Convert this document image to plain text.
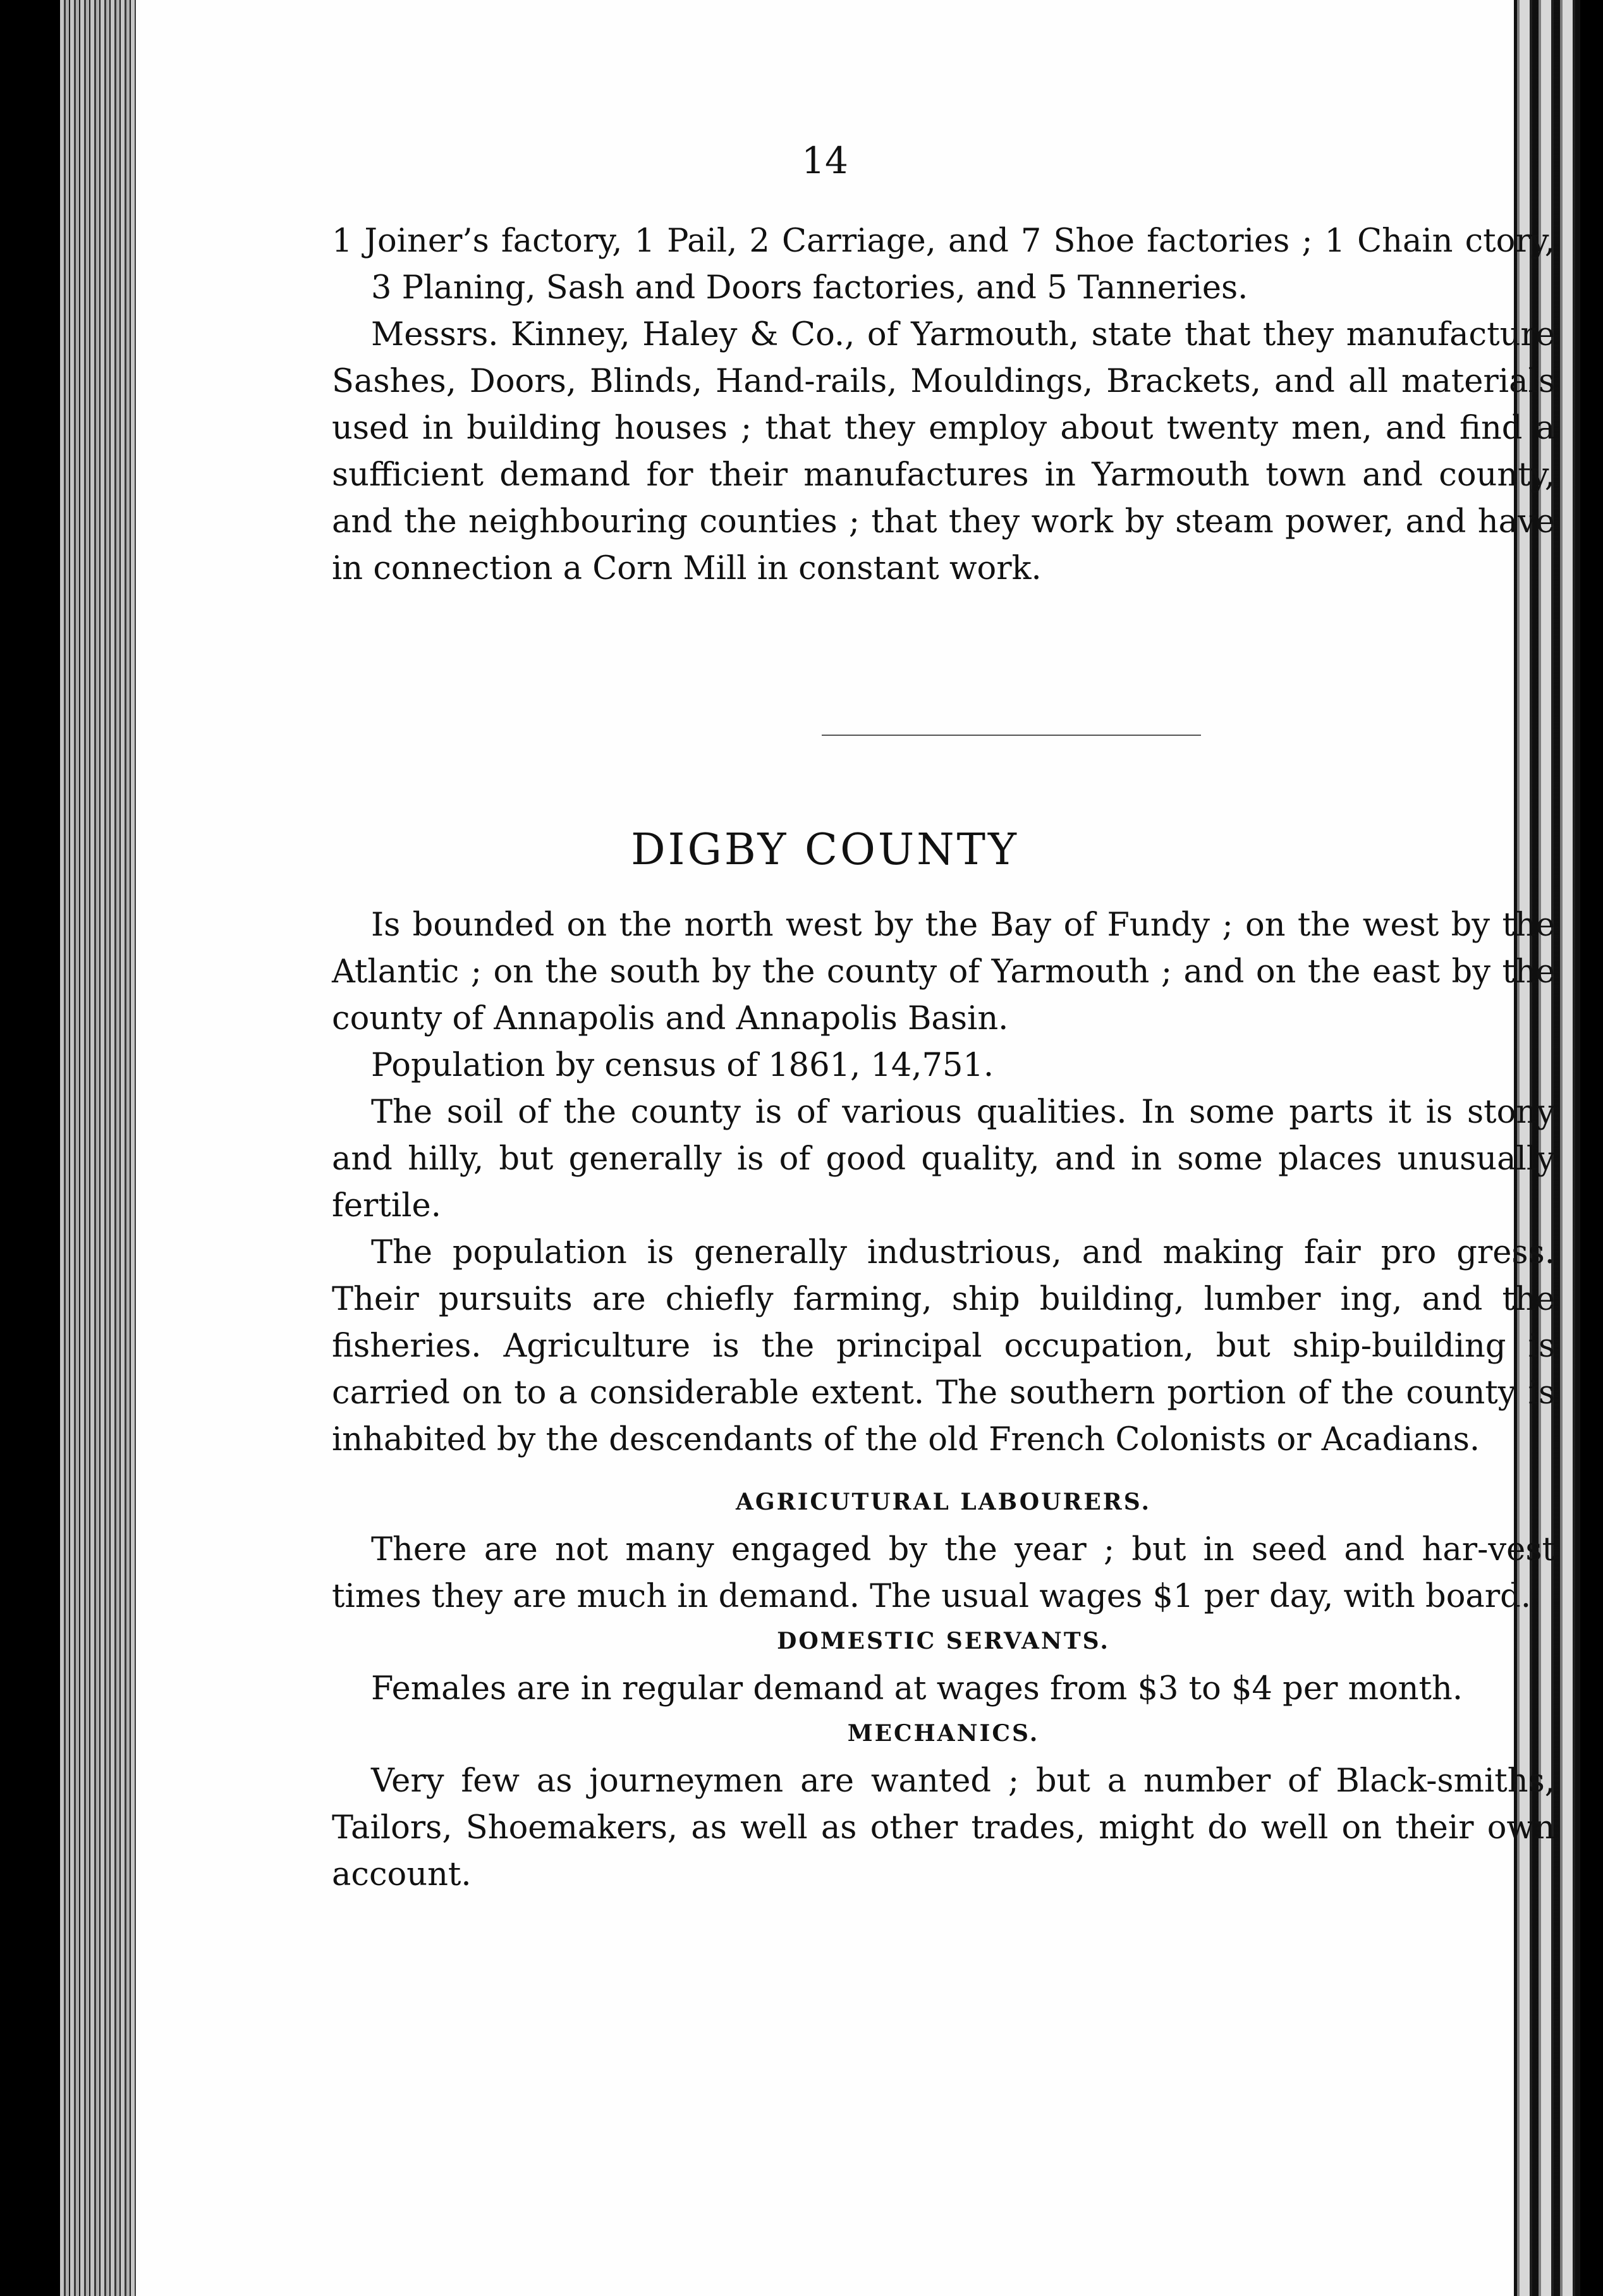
14

1 Joiner’s factory, 1 Pail, 2 Carriage, and 7 Shoe factories ; 1 Chain ctory, 3 Planing, Sash and Doors factories, and 5 Tanneries.

Messrs. Kinney, Haley & Co., of Yarmouth, state that they manufacture Sashes, Doors, Blinds, Hand-rails, Mouldings, Brackets, and all materials used in building houses ; that they employ about twenty men, and find a sufficient demand for their manufactures in Yarmouth town and county, and the neighbouring counties ; that they work by steam power, and have in connection a Corn Mill in constant work.

DIGBY COUNTY

Is bounded on the north west by the Bay of Fundy ; on the west by the Atlantic ; on the south by the county of Yarmouth ; and on the east by the county of Annapolis and Annapolis Basin.

Population by census of 1861, 14,751.

The soil of the county is of various qualities. In some parts it is stony and hilly, but generally is of good quality, and in some places unusually fertile.

The population is generally industrious, and making fair pro gress. Their pursuits are chiefly farming, ship building, lumber ing, and the fisheries. Agriculture is the principal occupation, but ship-building is carried on to a considerable extent. The southern portion of the county is inhabited by the descendants of the old French Colonists or Acadians.

AGRICUTURAL LABOURERS.

There are not many engaged by the year ; but in seed and har-vest times they are much in demand. The usual wages $1 per day, with board.

DOMESTIC SERVANTS.

Females are in regular demand at wages from $3 to $4 per month.

MECHANICS.

Very few as journeymen are wanted ; but a number of Black-smiths, Tailors, Shoemakers, as well as other trades, might do well on their own account.
